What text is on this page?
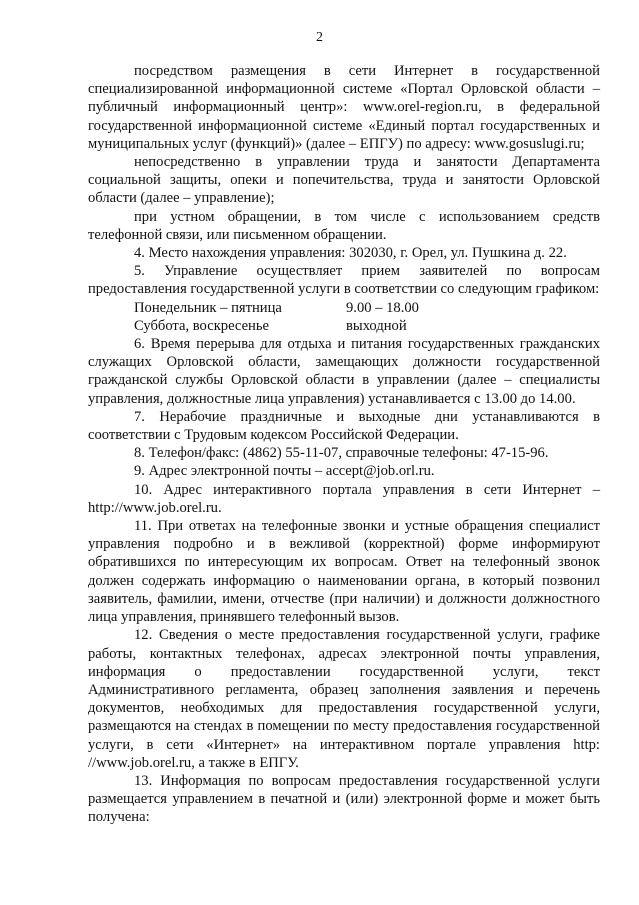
2

посредством размещения в сети Интернет в государственной специализированной информационной системе «Портал Орловской области – публичный информационный центр»: www.orel-region.ru, в федеральной государственной информационной системе «Единый портал государственных и муниципальных услуг (функций)» (далее – ЕПГУ) по адресу: www.gosuslugi.ru;

непосредственно в управлении труда и занятости Департамента социальной защиты, опеки и попечительства, труда и занятости Орловской области (далее – управление);

при устном обращении, в том числе с использованием средств телефонной связи, или письменном обращении.

4. Место нахождения управления: 302030, г. Орел, ул. Пушкина д. 22.

5. Управление осуществляет прием заявителей по вопросам предоставления государственной услуги в соответствии со следующим графиком:

Понедельник – пятница	9.00 – 18.00
Суббота, воскресенье	выходной

6. Время перерыва для отдыха и питания государственных гражданских служащих Орловской области, замещающих должности государственной гражданской службы Орловской области в управлении (далее – специалисты управления, должностные лица управления) устанавливается с 13.00 до 14.00.

7. Нерабочие праздничные и выходные дни устанавливаются в соответствии с Трудовым кодексом Российской Федерации.

8. Телефон/факс: (4862) 55-11-07, справочные телефоны: 47-15-96.

9. Адрес электронной почты – accept@job.orl.ru.

10. Адрес интерактивного портала управления в сети Интернет – http://www.job.orel.ru.

11. При ответах на телефонные звонки и устные обращения специалист управления подробно и в вежливой (корректной) форме информируют обратившихся по интересующим их вопросам. Ответ на телефонный звонок должен содержать информацию о наименовании органа, в который позвонил заявитель, фамилии, имени, отчестве (при наличии) и должности должностного лица управления, принявшего телефонный вызов.

12. Сведения о месте предоставления государственной услуги, графике работы, контактных телефонах, адресах электронной почты управления, информация о предоставлении государственной услуги, текст Административного регламента, образец заполнения заявления и перечень документов, необходимых для предоставления государственной услуги, размещаются на стендах в помещении по месту предоставления государственной услуги, в сети «Интернет» на интерактивном портале управления http: //www.job.orel.ru, а также в ЕПГУ.

13. Информация по вопросам предоставления государственной услуги размещается управлением в печатной и (или) электронной форме и может быть получена:
